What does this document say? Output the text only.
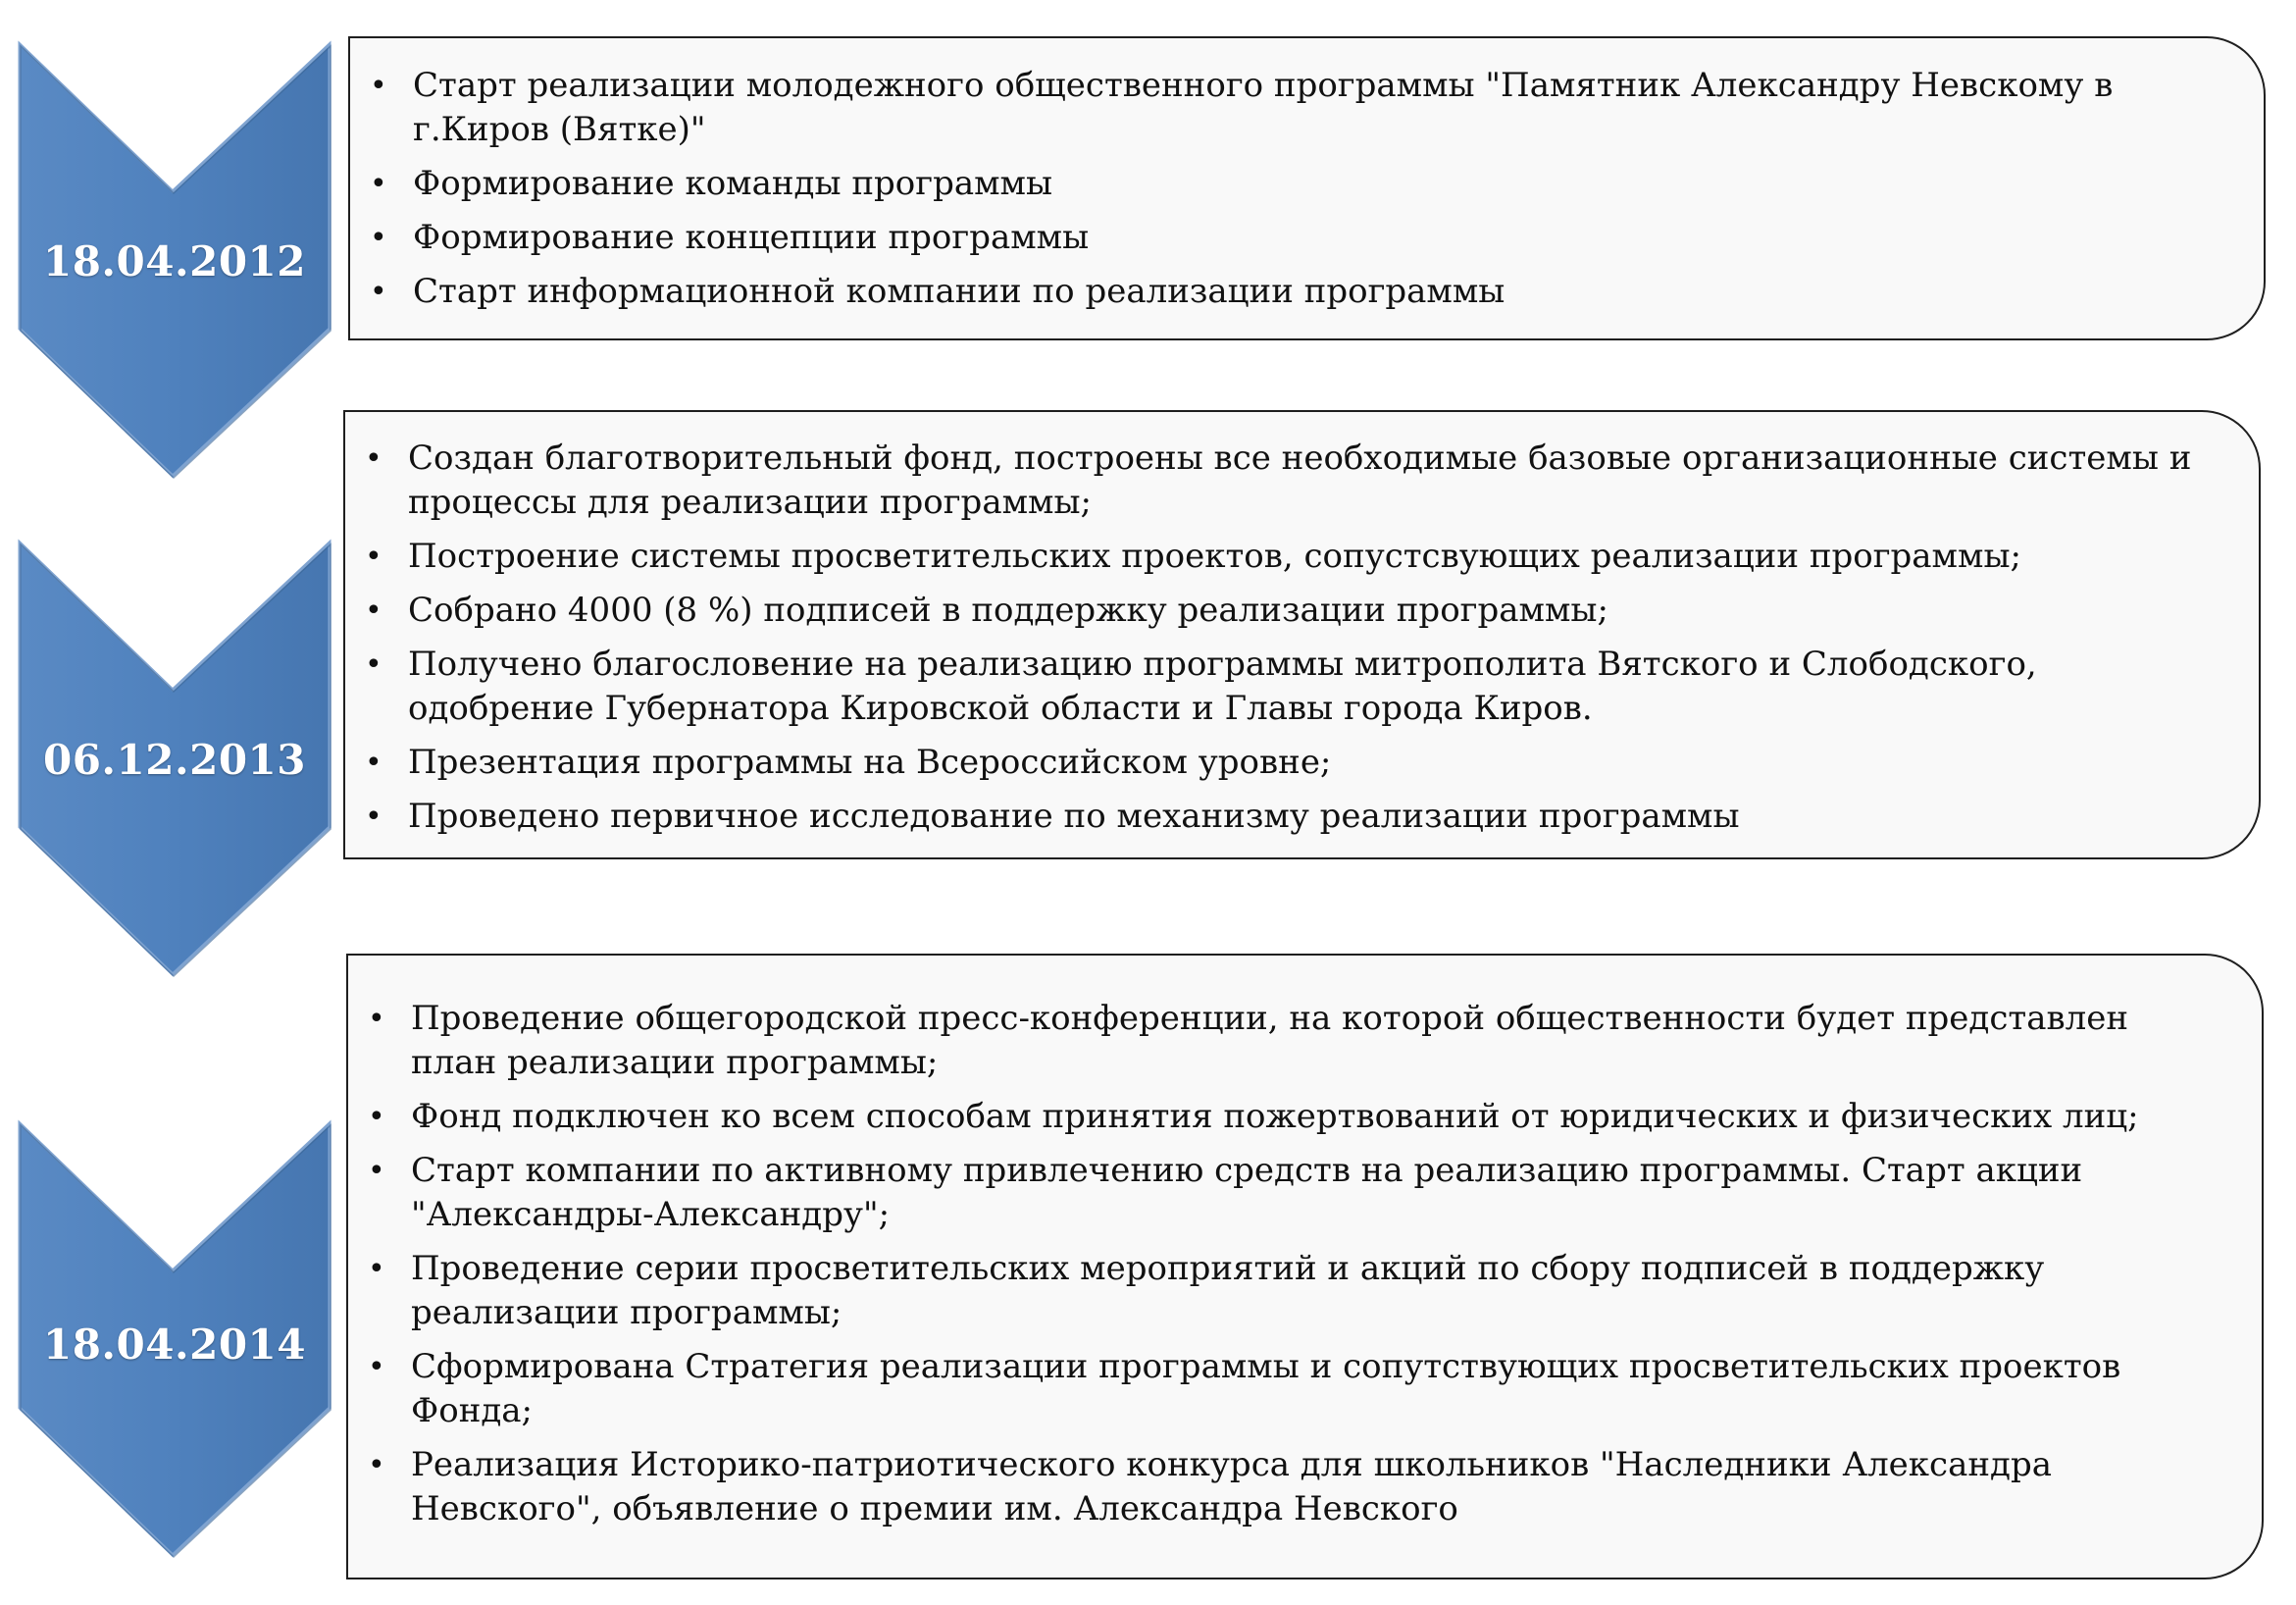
18.04.2012
• Старт реализации молодежного общественного программы "Памятник Александру Невскому в г.Киров (Вятке)"
• Формирование команды программы
• Формирование концепции программы
• Старт информационной компании по реализации программы
06.12.2013
• Создан благотворительный фонд, построены все необходимые базовые организационные системы и процессы для реализации программы;
• Построение системы просветительских проектов, сопустсвующих реализации программы;
• Собрано 4000 (8 %) подписей в поддержку реализации программы;
• Получено благословение на реализацию программы митрополита Вятского и Слободского, одобрение Губернатора Кировской области и Главы города Киров.
• Презентация программы на Всероссийском уровне;
• Проведено первичное исследование по механизму реализации программы
18.04.2014
• Проведение общегородской пресс-конференции, на которой общественности будет представлен план реализации программы;
• Фонд подключен ко всем способам принятия пожертвований от юридических и физических лиц;
• Старт компании по активному привлечению средств на реализацию программы. Старт акции "Александры-Александру";
• Проведение серии просветительских мероприятий и акций по сбору подписей в поддержку реализации программы;
• Сформирована Стратегия реализации программы и сопутствующих просветительских проектов Фонда;
• Реализация Историко-патриотического конкурса для школьников "Наследники Александра Невского", объявление о премии им. Александра Невского
